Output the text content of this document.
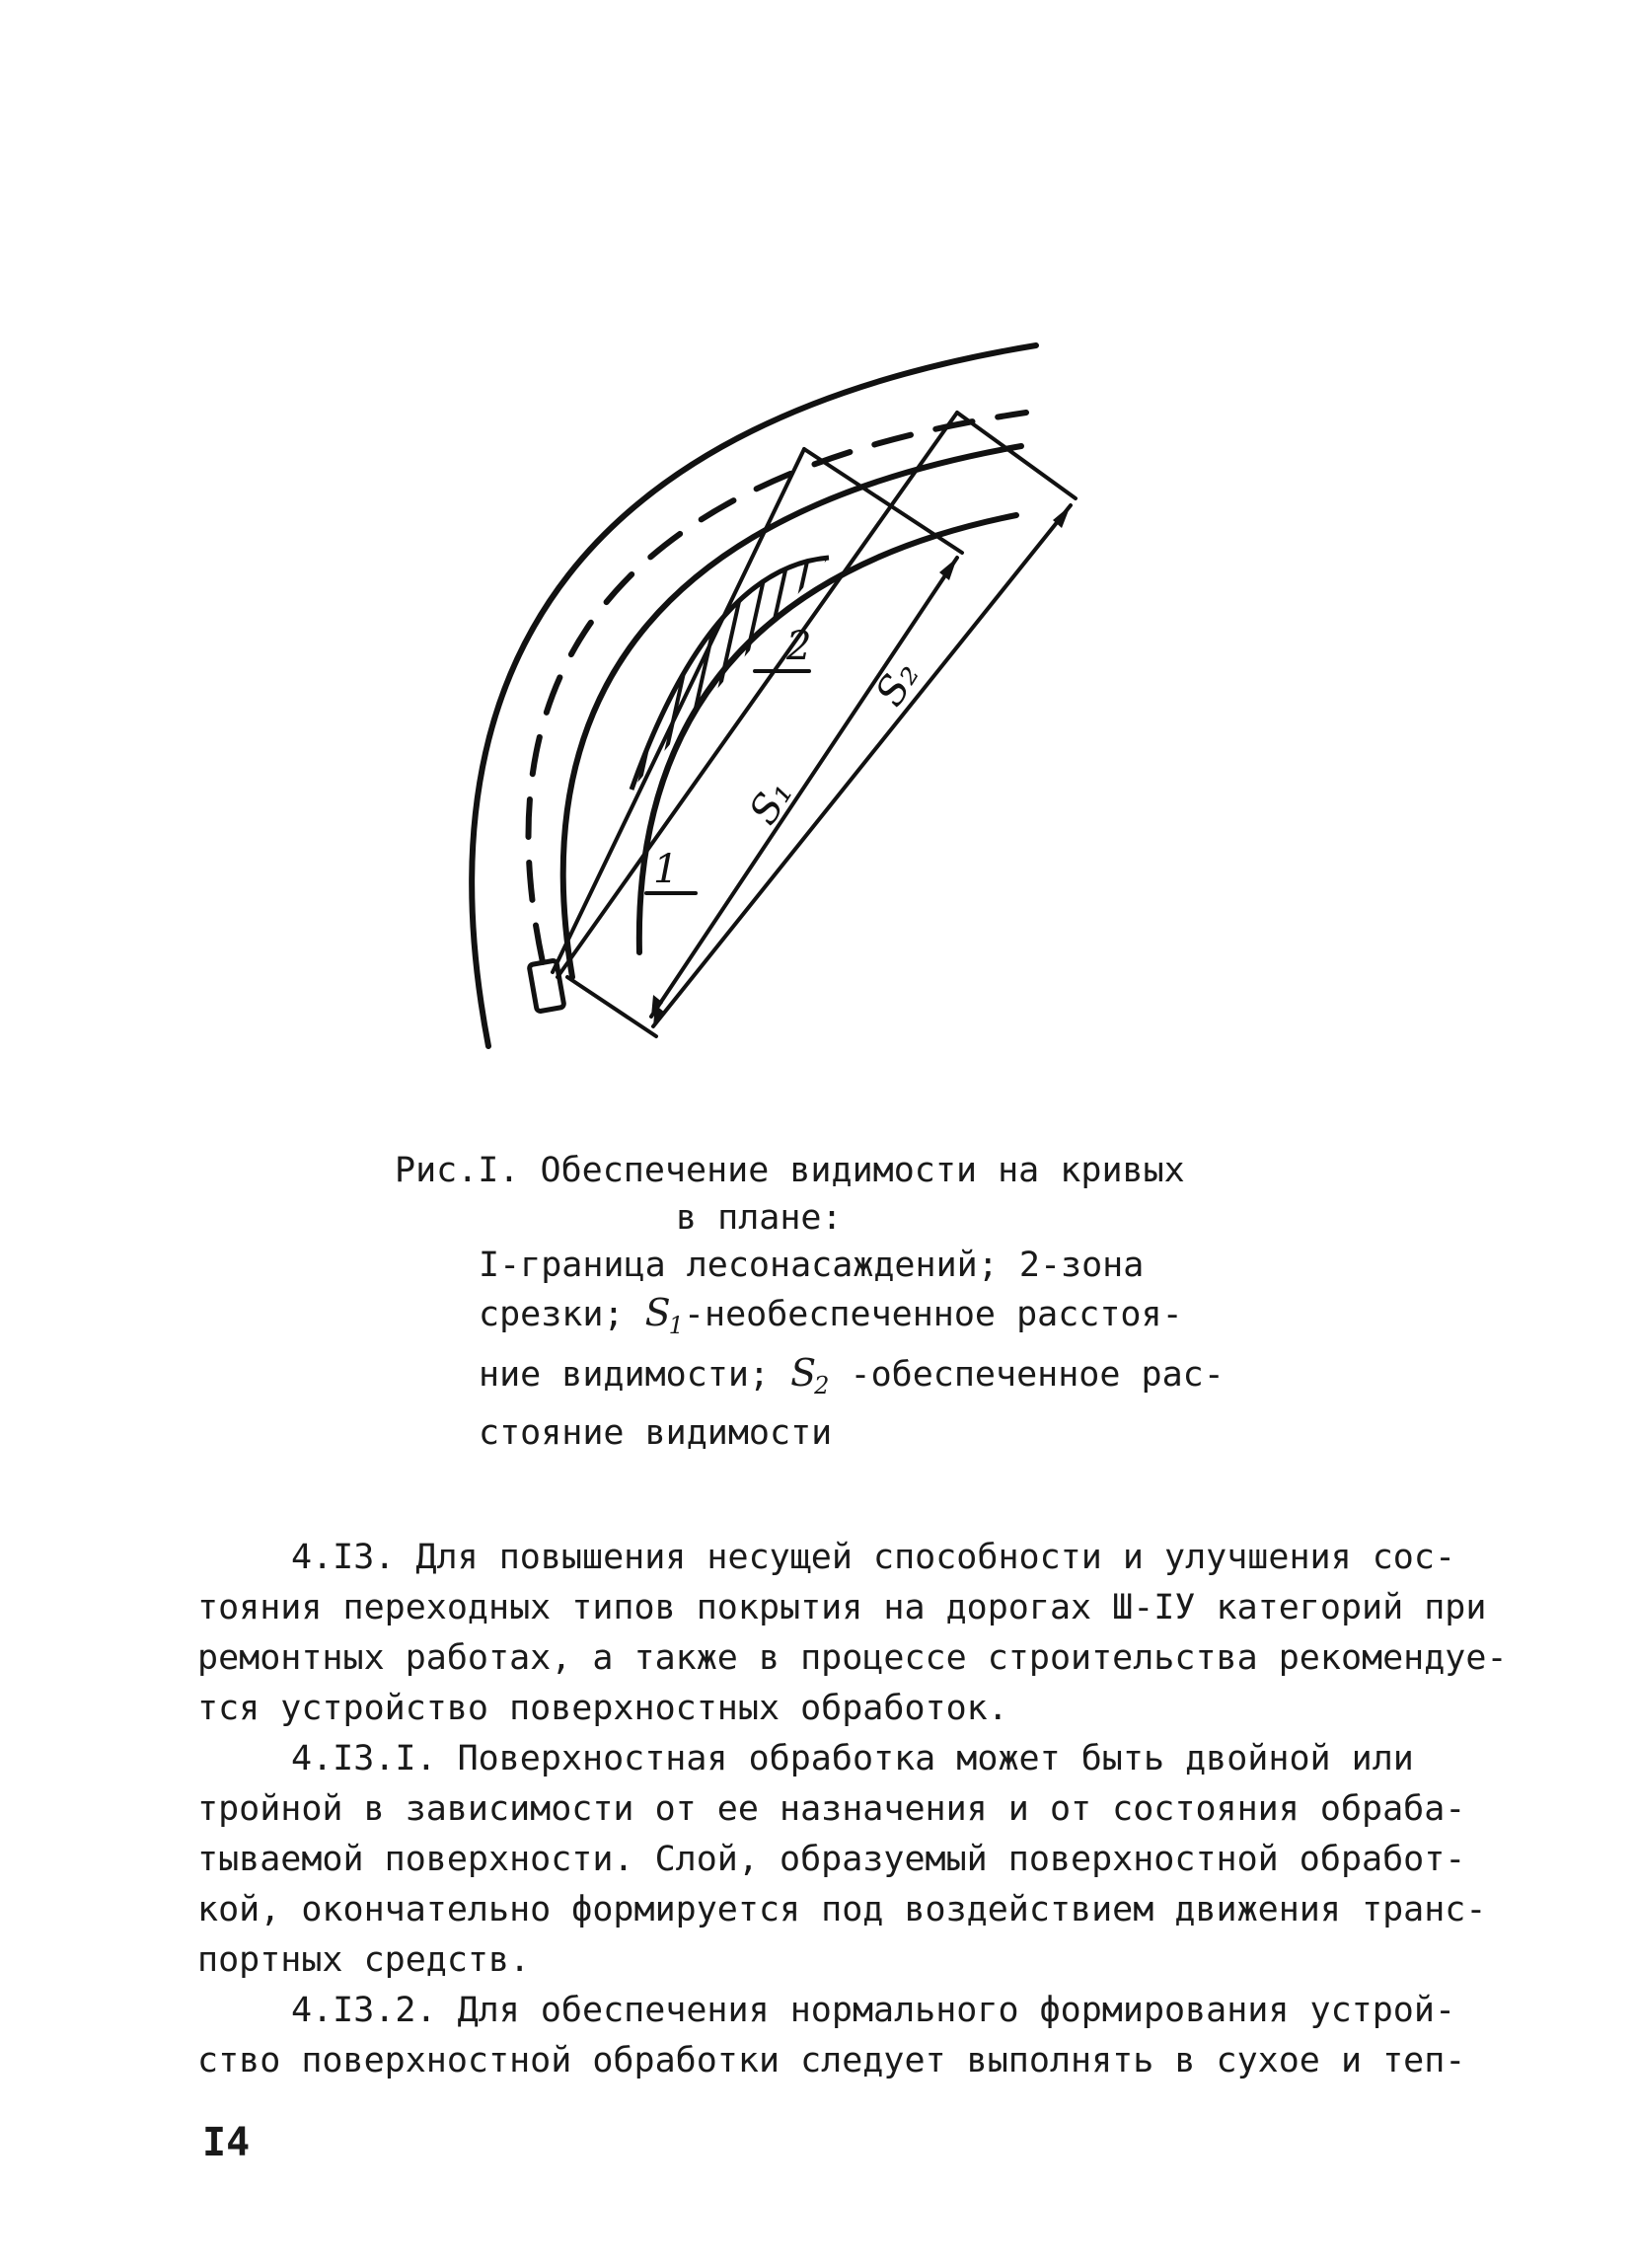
1
2
S₁
S₂
Рис.I. Обеспечение видимости на кривых
в плане:
I-граница лесонасаждений; 2-зона
срезки; $S_1$-необеспеченное расстоя-
ние видимости; $S_2$ -обеспеченное рас-
стояние видимости
4.I3. Для повышения несущей способности и улучшения сос-
тояния переходных типов покрытия на дорогах Ш-IУ категорий при
ремонтных работах, а также в процессе строительства рекомендуе-
тся устройство поверхностных обработок.
4.I3.I. Поверхностная обработка может быть двойной или
тройной в зависимости от ее назначения и от состояния обраба-
тываемой поверхности. Слой, образуемый поверхностной обработ-
кой, окончательно формируется под воздействием движения транс-
портных средств.
4.I3.2. Для обеспечения нормального формирования устрой-
ство поверхностной обработки следует выполнять в сухое и теп-
I4
